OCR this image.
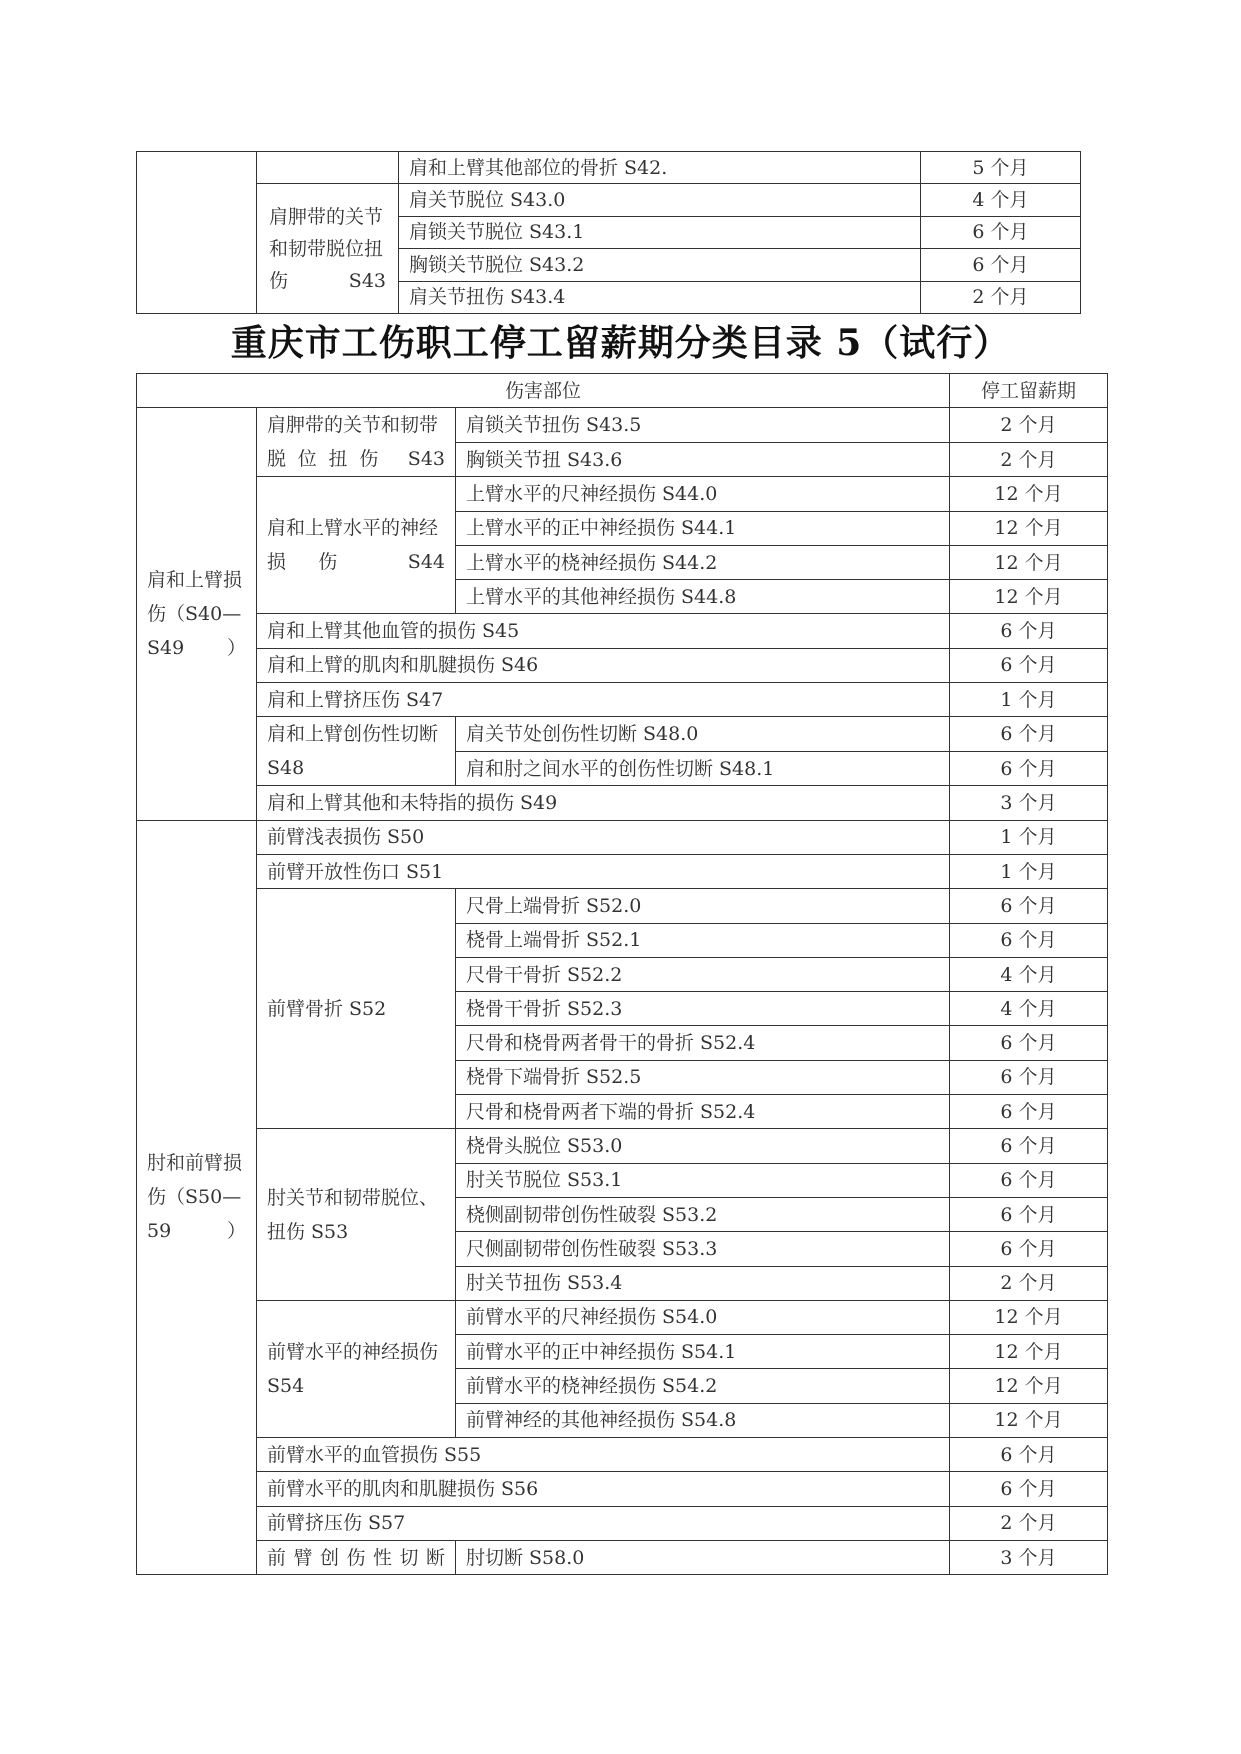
		肩和上臂其他部位的骨折 S42.	5 个月
	肩胛带的关节和韧带脱位扭伤 S43	肩关节脱位 S43.0	4 个月
		肩锁关节脱位 S43.1	6 个月
		胸锁关节脱位 S43.2	6 个月
		肩关节扭伤 S43.4	2 个月
重庆市工伤职工停工留薪期分类目录 5（试行）
伤害部位			停工留薪期
肩和上臂损伤（S40—S49）	肩胛带的关节和韧带脱位扭伤 S43	肩锁关节扭伤 S43.5	2 个月
		胸锁关节扭 S43.6	2 个月
	肩和上臂水平的神经损伤 S44	上臂水平的尺神经损伤 S44.0	12 个月
		上臂水平的正中神经损伤 S44.1	12 个月
		上臂水平的桡神经损伤 S44.2	12 个月
		上臂水平的其他神经损伤 S44.8	12 个月
	肩和上臂其他血管的损伤 S45		6 个月
	肩和上臂的肌肉和肌腱损伤 S46		6 个月
	肩和上臂挤压伤 S47		1 个月
	肩和上臂创伤性切断 S48	肩关节处创伤性切断 S48.0	6 个月
		肩和肘之间水平的创伤性切断 S48.1	6 个月
	肩和上臂其他和未特指的损伤 S49		3 个月
肘和前臂损伤（S50—59）	前臂浅表损伤 S50		1 个月
	前臂开放性伤口 S51		1 个月
	前臂骨折 S52	尺骨上端骨折 S52.0	6 个月
		桡骨上端骨折 S52.1	6 个月
		尺骨干骨折 S52.2	4 个月
		桡骨干骨折 S52.3	4 个月
		尺骨和桡骨两者骨干的骨折 S52.4	6 个月
		桡骨下端骨折 S52.5	6 个月
		尺骨和桡骨两者下端的骨折 S52.4	6 个月
	肘关节和韧带脱位、扭伤 S53	桡骨头脱位 S53.0	6 个月
		肘关节脱位 S53.1	6 个月
		桡侧副韧带创伤性破裂 S53.2	6 个月
		尺侧副韧带创伤性破裂 S53.3	6 个月
		肘关节扭伤 S53.4	2 个月
	前臂水平的神经损伤 S54	前臂水平的尺神经损伤 S54.0	12 个月
		前臂水平的正中神经损伤 S54.1	12 个月
		前臂水平的桡神经损伤 S54.2	12 个月
		前臂神经的其他神经损伤 S54.8	12 个月
	前臂水平的血管损伤 S55		6 个月
	前臂水平的肌肉和肌腱损伤 S56		6 个月
	前臂挤压伤 S57		2 个月
	前臂创伤性切断	肘切断 S58.0	3 个月
